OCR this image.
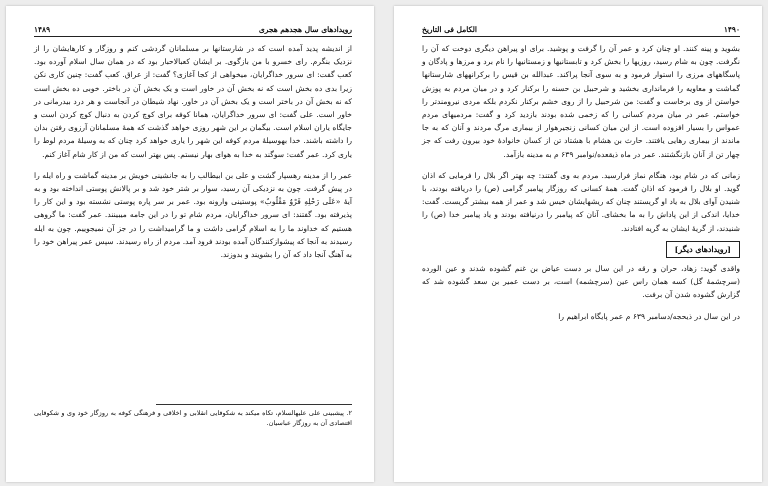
رویدادهای سال هجدهم هجری
۱۴۸۹

از اندیشه پدید آمده است که در شارستانها بر مسلمانان گردشی کنم و روزگار و کارهایشان را از نزدیک بنگرم. رای خسرو با من بازگوی. بر ایشان کعبالاحبار بود که در همان سال اسلام آورده بود. کعب گفت: ای سرور خداگرایان، میخواهی از کجا آغازی؟ گفت: از عراق. کعب گفت: چنین کاری نکن زیرا بدی ده بخش است که نه بخش آن در خاور است و یک بخش آن در باختر. خوبی ده بخش است که نه بخش آن در باختر است و یک بخش آن در خاور. نهاد شیطان در آنجاست و هر درد بیدرمانی در خاور است. علی گفت: ای سرور خداگرایان، همانا کوفه برای کوچ کردن به دنبال کوچ کردن است و جایگاه یاران اسلام است. بیگمان بر این شهر روزی خواهد گذشت که همهٔ مسلمانان آرزوی رفتن بدان را داشته باشند. خدا بهوسیلهٔ مردم کوفه این شهر را یاری خواهد کرد چنان که به وسیلهٔ مردم لوط را یاری کرد. عمر گفت: سوگند به خدا به هوای بهار نیستم. پس بهتر است که من از کار شام آغاز کنم.

عمر را از مدینه رهسپار گشت و علی بن ابیطالب را به جانشینی خویش بر مدینه گماشت و راه ایله را در پیش گرفت. چون به نزدیکی آن رسید، سوار بر شتر خود شد و بر پالانش پوستی انداخته بود و به آیهٔ «عَلَى رَحْلِهِ فَرْوٌ مَقْلُوبٌ» پوستینی وارونه بود. عمر بر سر پاره پوستی نشسته بود و این کار را پذیرفته بود. گفتند: ای سرور خداگرایان، مردم شام تو را در این جامه میبینند. عمر گفت: ما گروهی هستیم که خداوند ما را به اسلام گرامی داشت و ما گرامیداشت را در جز آن نمیجوییم. چون به ایله رسیدند به آنجا که پیشوازکنندگان آمده بودند فرود آمد. مردم از راه رسیدند. سپس عمر پیراهن خود را به آهنگ آنجا داد که آن را بشویند و بدوزند.

۲. پیشبینی علی علیهالسلام، تکاه میکند به شکوفایی انقلابی و اخلاقی و فرهنگی کوفه به روزگار خود وی و شکوفایی اقتصادی آن به روزگار عباسیان.
۱۴۹۰
الکامل فی التاریخ

بشوید و پینه کنند. او چنان کرد و عمر آن را گرفت و پوشید. برای او پیراهن دیگری دوخت که آن را نگرفت. چون به شام رسید، روزیها را بخش کرد و تابستانیها و زمستانیها را نام برد و مرزها و پادگان و پاسگاههای مرزی را استوار فرمود و به سوی آنجا پراکند. عبدالله بن قیس را برکرانههای شارستانها گماشت و معاویه را فرمانداری بخشید و شرحبیل بن حسنه را برکنار کرد و در میان مردم به پوزش خواستن از وی برخاست و گفت: من شرحبیل را از روی خشم برکنار نکردم بلکه مردی نیرومندتر را خواستم. عمر در میان مردم کسانی را که زخمی شده بودند بازدید کرد و گفت: مردمیهای مردم عمواس را بسیار افزوده است. از این میان کسانی زنجیرهوار از بیماری مرگ مردند و آنان که به جا ماندند از بیماری رهایی یافتند. حارث بن هشام با هشتاد تن از کسان خانوادهٔ خود بیرون رفت که جز چهار تن از آنان بازنگشتند. عمر در ماه ذیقعده/نوامبر ۶۳۹ م به مدینه بازآمد.

زمانی که در شام بود، هنگام نماز فرارسید. مردم به وی گفتند: چه بهتر اگر بلال را فرمایی که اذان گوید. او بلال را فرمود که اذان گفت. همهٔ کسانی که روزگار پیامبر گرامی (ص) را دریافته بودند، با شنیدن آوای بلال به یاد او گریستند چنان که ریشهایشان خیس شد و عمر از همه بیشتر گریست. گفت: خدایا، اندکی از این پاداش را به ما بخشای. آنان که پیامبر را درنیافته بودند و یاد پیامبر خدا (ص) را شنیدند، از گریهٔ ایشان به گریه افتادند.

[رویدادهای دیگر]

واقدی گوید: زهاد، حران و رقه در این سال بر دست عیاض بن غنم گشوده شدند و عین الورده (سرچشمهٔ گل) کسه همان راس عین (سرچشمه) است، بر دست عمیر بن سعد گشوده شد که گزارش گشوده شدن آن برفت.

در این سال در ذیحجه/دسامبر ۶۳۹ م عمر پایگاه ابراهیم را
